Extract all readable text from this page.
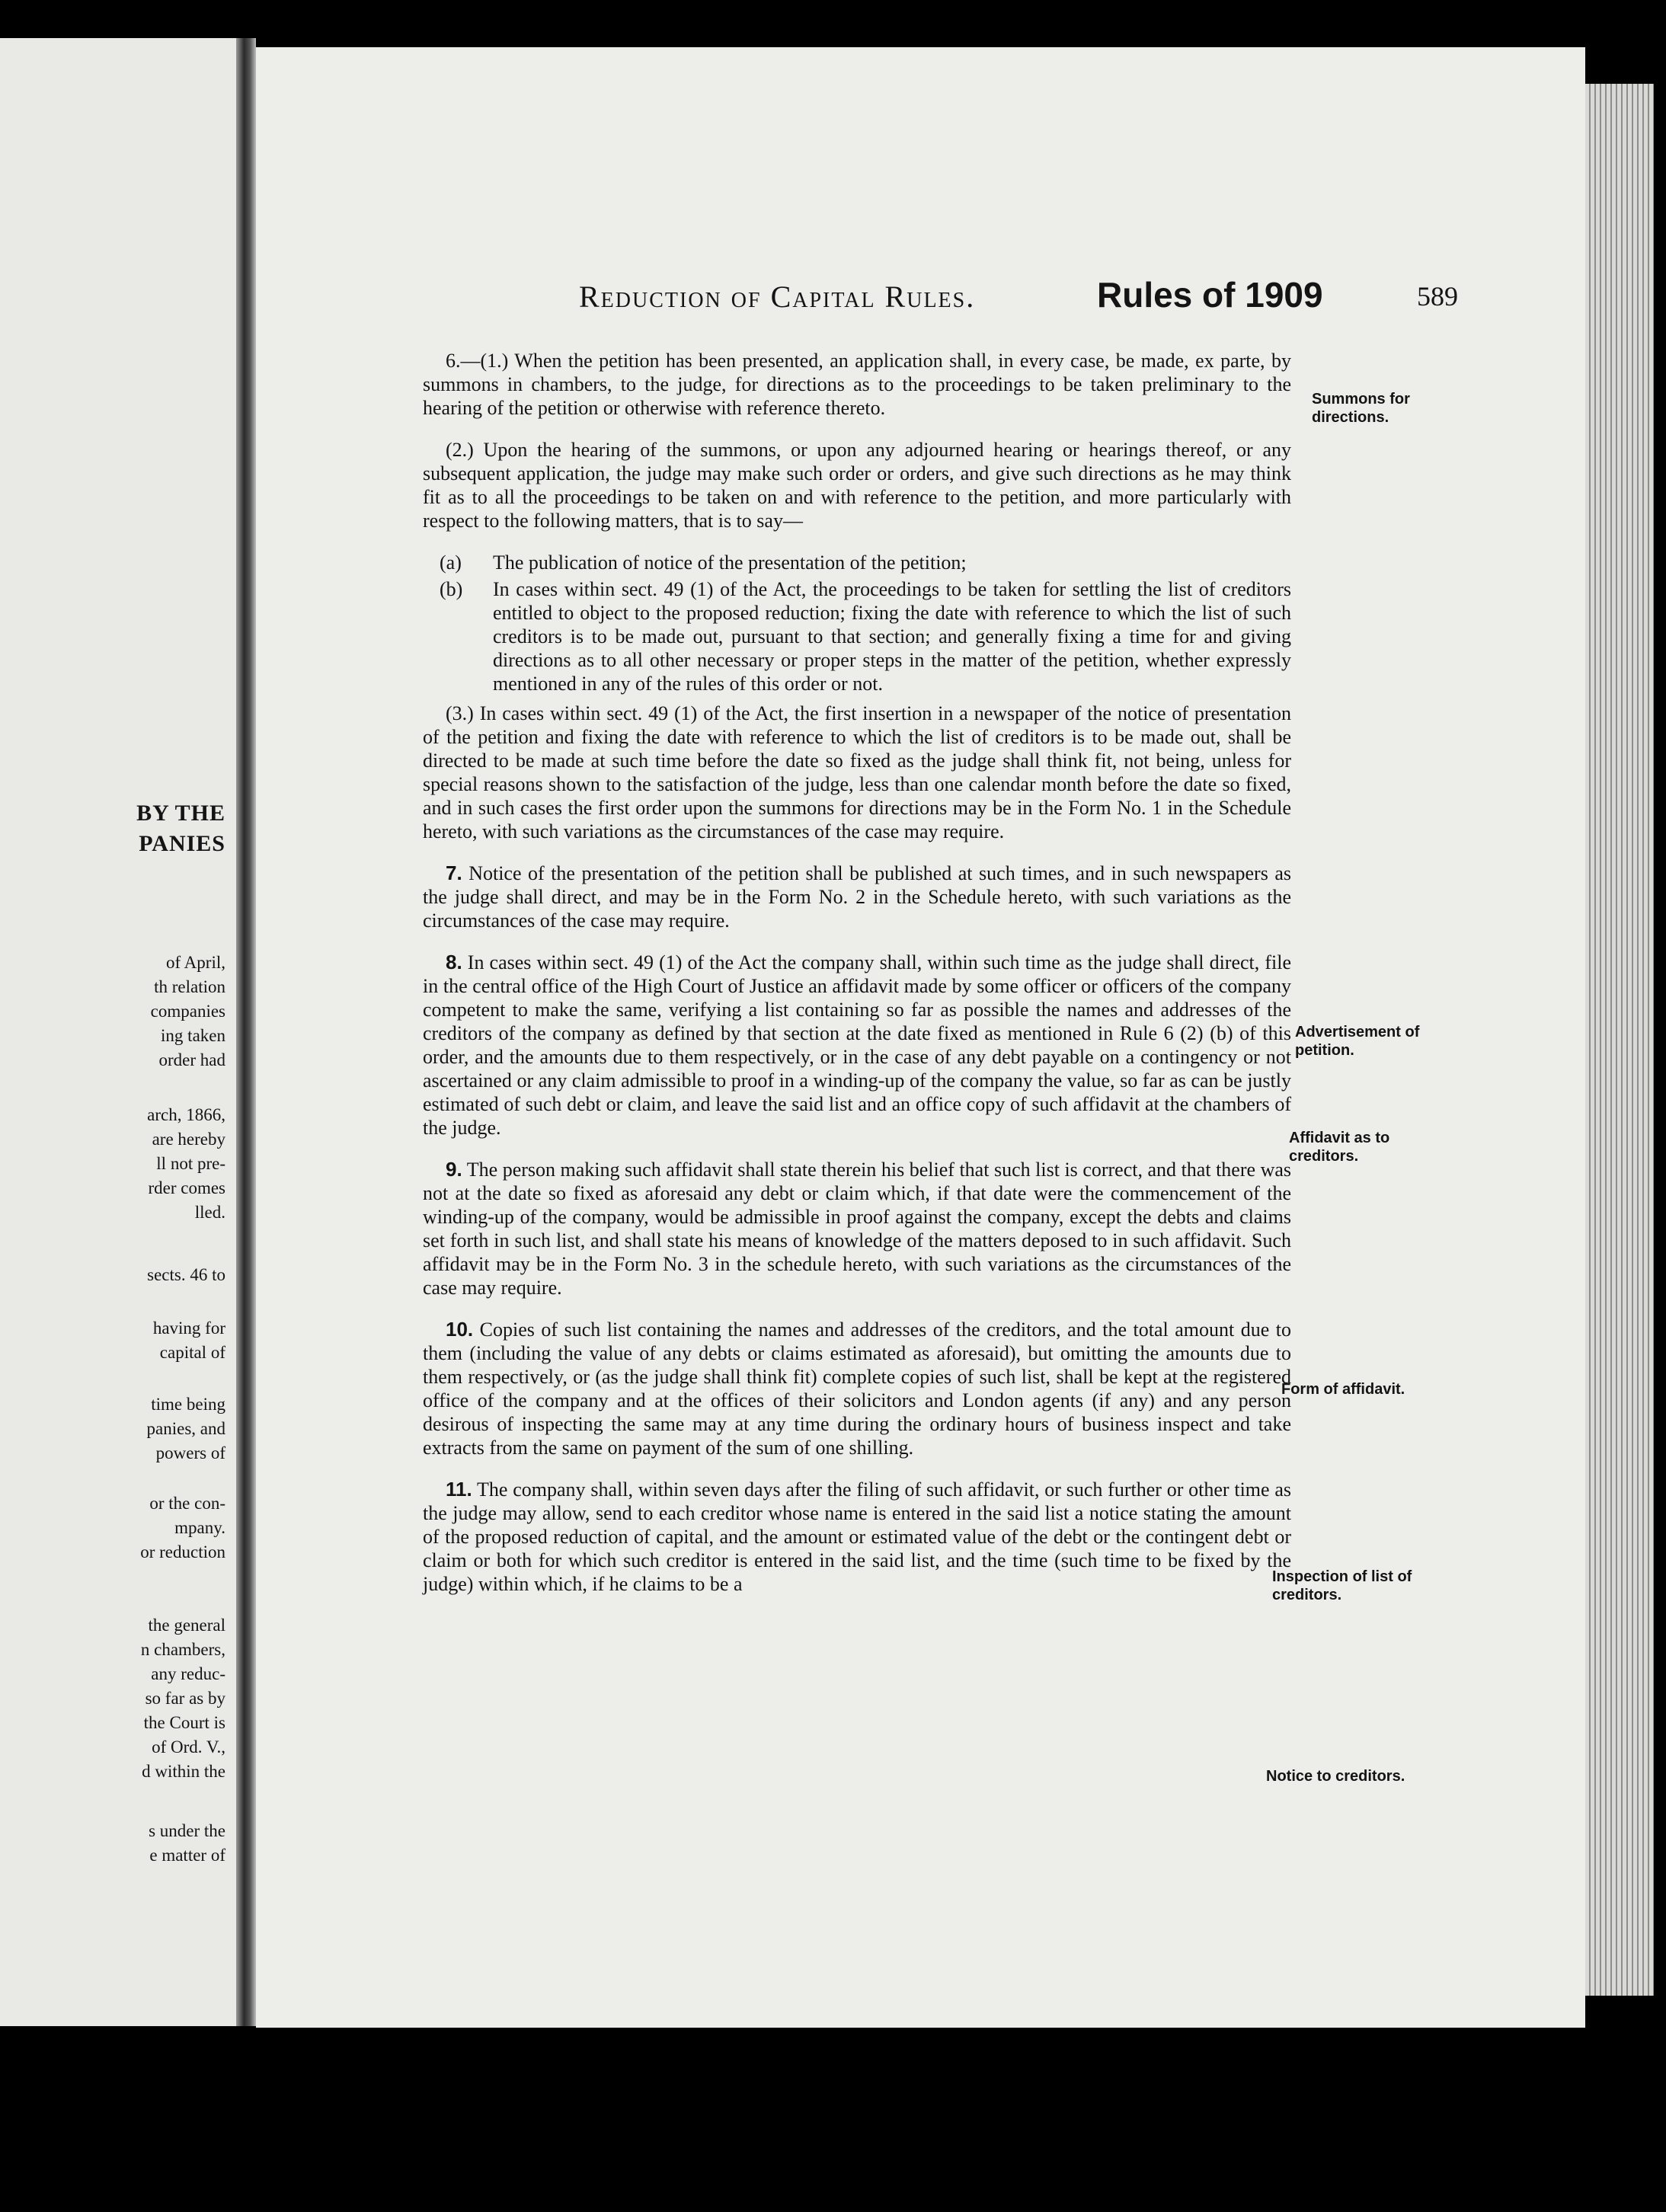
BY THE
PANIES
of April,
th relation
companies
ing taken
order had
arch, 1866,
are hereby
ll not pre-
rder comes
lled.
sects. 46 to
having for
capital of
time being
panies, and
powers of
or the con-
mpany.
or reduction
the general
n chambers,
any reduc-
so far as by
the Court is
of Ord. V.,
d within the
s under the
e matter of
Reduction of Capital Rules.	Rules of 1909	589

6.—(1.) When the petition has been presented, an application shall, in every case, be made, ex parte, by summons in chambers, to the judge, for directions as to the proceedings to be taken preliminary to the hearing of the petition or otherwise with reference thereto.

(2.) Upon the hearing of the summons, or upon any adjourned hearing or hearings thereof, or any subsequent application, the judge may make such order or orders, and give such directions as he may think fit as to all the proceedings to be taken on and with reference to the petition, and more particularly with respect to the following matters, that is to say—

(a) The publication of notice of the presentation of the petition;

(b) In cases within sect. 49 (1) of the Act, the proceedings to be taken for settling the list of creditors entitled to object to the proposed reduction; fixing the date with reference to which the list of such creditors is to be made out, pursuant to that section; and generally fixing a time for and giving directions as to all other necessary or proper steps in the matter of the petition, whether expressly mentioned in any of the rules of this order or not.

(3.) In cases within sect. 49 (1) of the Act, the first insertion in a newspaper of the notice of presentation of the petition and fixing the date with reference to which the list of creditors is to be made out, shall be directed to be made at such time before the date so fixed as the judge shall think fit, not being, unless for special reasons shown to the satisfaction of the judge, less than one calendar month before the date so fixed, and in such cases the first order upon the summons for directions may be in the Form No. 1 in the Schedule hereto, with such variations as the circumstances of the case may require.

7. Notice of the presentation of the petition shall be published at such times, and in such newspapers as the judge shall direct, and may be in the Form No. 2 in the Schedule hereto, with such variations as the circumstances of the case may require.

8. In cases within sect. 49 (1) of the Act the company shall, within such time as the judge shall direct, file in the central office of the High Court of Justice an affidavit made by some officer or officers of the company competent to make the same, verifying a list containing so far as possible the names and addresses of the creditors of the company as defined by that section at the date fixed as mentioned in Rule 6 (2) (b) of this order, and the amounts due to them respectively, or in the case of any debt payable on a contingency or not ascertained or any claim admissible to proof in a winding-up of the company the value, so far as can be justly estimated of such debt or claim, and leave the said list and an office copy of such affidavit at the chambers of the judge.

9. The person making such affidavit shall state therein his belief that such list is correct, and that there was not at the date so fixed as aforesaid any debt or claim which, if that date were the commencement of the winding-up of the company, would be admissible in proof against the company, except the debts and claims set forth in such list, and shall state his means of knowledge of the matters deposed to in such affidavit. Such affidavit may be in the Form No. 3 in the schedule hereto, with such variations as the circumstances of the case may require.

10. Copies of such list containing the names and addresses of the creditors, and the total amount due to them (including the value of any debts or claims estimated as aforesaid), but omitting the amounts due to them respectively, or (as the judge shall think fit) complete copies of such list, shall be kept at the registered office of the company and at the offices of their solicitors and London agents (if any) and any person desirous of inspecting the same may at any time during the ordinary hours of business inspect and take extracts from the same on payment of the sum of one shilling.

11. The company shall, within seven days after the filing of such affidavit, or such further or other time as the judge may allow, send to each creditor whose name is entered in the said list a notice stating the amount of the proposed reduction of capital, and the amount or estimated value of the debt or the contingent debt or claim or both for which such creditor is entered in the said list, and the time (such time to be fixed by the judge) within which, if he claims to be a

Summons for directions.
Advertisement of petition.
Affidavit as to creditors.
Form of affidavit.
Inspection of list of creditors.
Notice to creditors.
